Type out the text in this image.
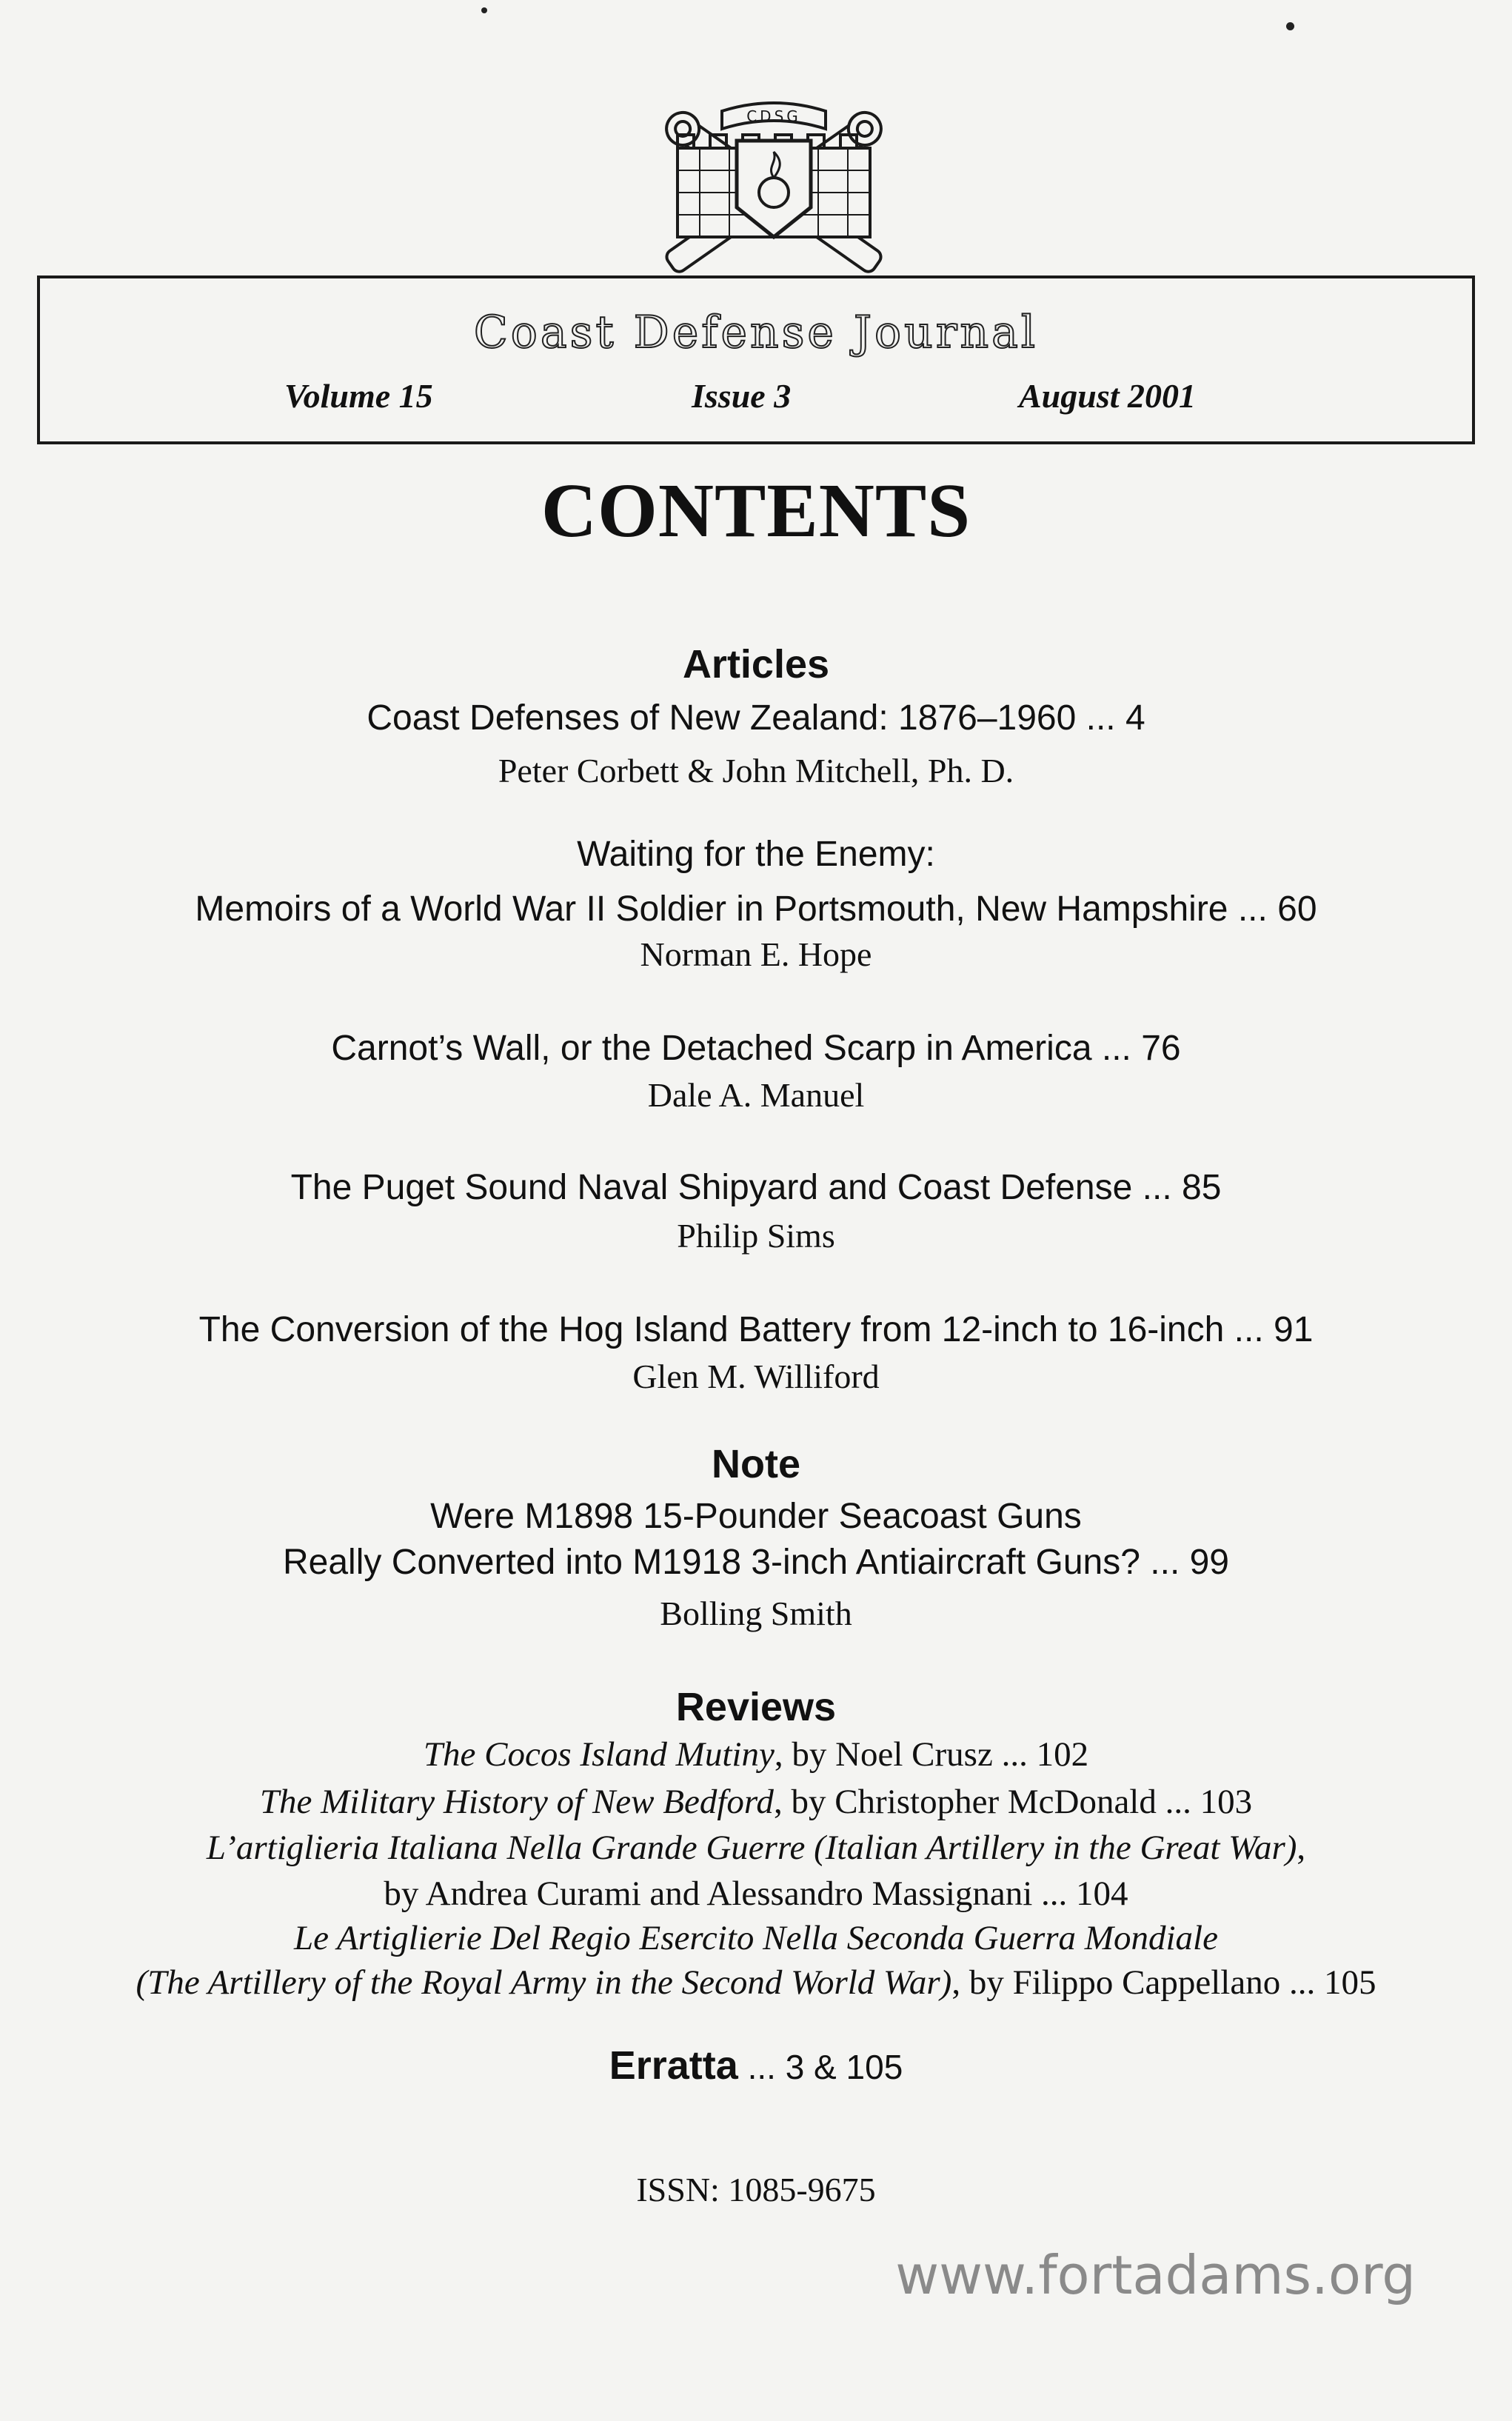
CDSG
Coast Defense Journal
Volume 15	Issue 3	August 2001
CONTENTS
Articles
Coast Defenses of New Zealand: 1876–1960 ... 4
Peter Corbett & John Mitchell, Ph. D.
Waiting for the Enemy:
Memoirs of a World War II Soldier in Portsmouth, New Hampshire ... 60
Norman E. Hope
Carnot’s Wall, or the Detached Scarp in America ... 76
Dale A. Manuel
The Puget Sound Naval Shipyard and Coast Defense ... 85
Philip Sims
The Conversion of the Hog Island Battery from 12-inch to 16-inch ... 91
Glen M. Williford
Note
Were M1898 15-Pounder Seacoast Guns
Really Converted into M1918 3-inch Antiaircraft Guns? ... 99
Bolling Smith
Reviews
The Cocos Island Mutiny, by Noel Crusz ... 102
The Military History of New Bedford, by Christopher McDonald ... 103
L’artiglieria Italiana Nella Grande Guerre (Italian Artillery in the Great War),
by Andrea Curami and Alessandro Massignani ... 104
Le Artiglierie Del Regio Esercito Nella Seconda Guerra Mondiale
(The Artillery of the Royal Army in the Second World War), by Filippo Cappellano ... 105
Erratta ... 3 & 105
ISSN: 1085-9675
www.fortadams.org
